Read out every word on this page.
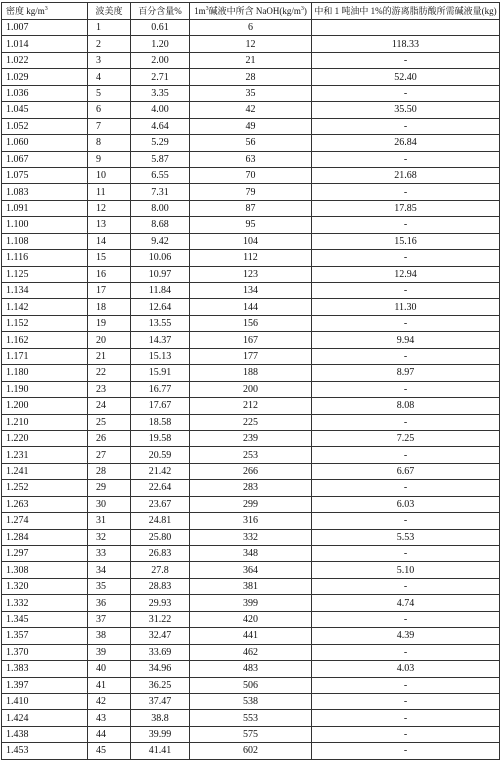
密度 $kg/m^3$	波美度	百分含量%	$1m^3$碱液中所含 $NaOH(kg/m^3)$	中和 1 吨油中 1%的游离脂肪酸所需碱液量(kg)
1.007	1	0.61	6	
1.014	2	1.20	12	118.33
1.022	3	2.00	21	-
1.029	4	2.71	28	52.40
1.036	5	3.35	35	-
1.045	6	4.00	42	35.50
1.052	7	4.64	49	-
1.060	8	5.29	56	26.84
1.067	9	5.87	63	-
1.075	10	6.55	70	21.68
1.083	11	7.31	79	-
1.091	12	8.00	87	17.85
1.100	13	8.68	95	-
1.108	14	9.42	104	15.16
1.116	15	10.06	112	-
1.125	16	10.97	123	12.94
1.134	17	11.84	134	-
1.142	18	12.64	144	11.30
1.152	19	13.55	156	-
1.162	20	14.37	167	9.94
1.171	21	15.13	177	-
1.180	22	15.91	188	8.97
1.190	23	16.77	200	-
1.200	24	17.67	212	8.08
1.210	25	18.58	225	-
1.220	26	19.58	239	7.25
1.231	27	20.59	253	-
1.241	28	21.42	266	6.67
1.252	29	22.64	283	-
1.263	30	23.67	299	6.03
1.274	31	24.81	316	-
1.284	32	25.80	332	5.53
1.297	33	26.83	348	-
1.308	34	27.8	364	5.10
1.320	35	28.83	381	-
1.332	36	29.93	399	4.74
1.345	37	31.22	420	-
1.357	38	32.47	441	4.39
1.370	39	33.69	462	-
1.383	40	34.96	483	4.03
1.397	41	36.25	506	-
1.410	42	37.47	538	-
1.424	43	38.8	553	-
1.438	44	39.99	575	-
1.453	45	41.41	602	-
